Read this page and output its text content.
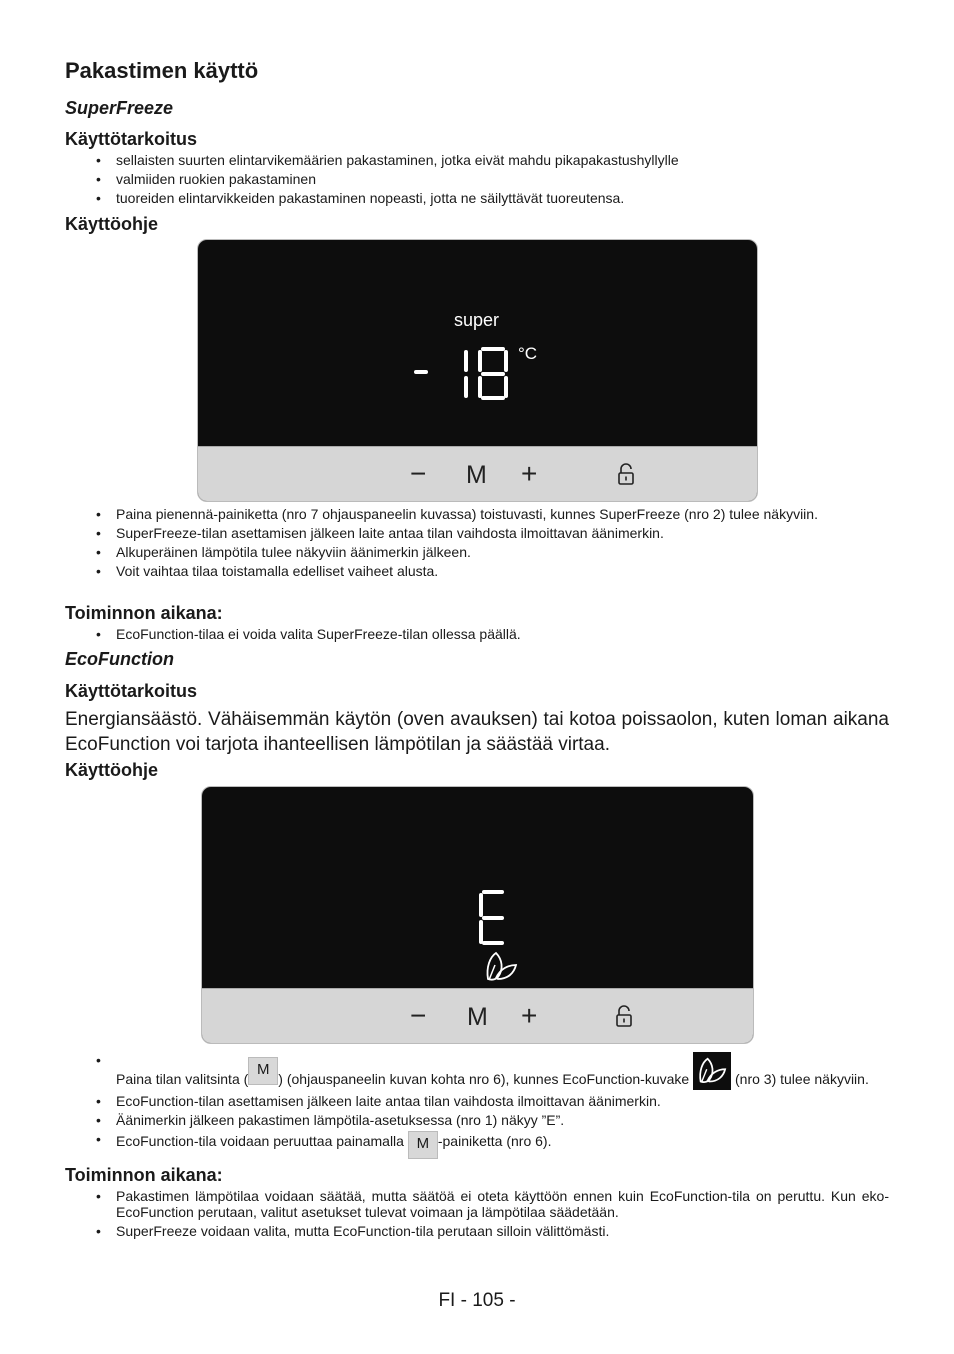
Pakastimen käyttö
SuperFreeze
Käyttötarkoitus
• sellaisten suurten elintarvikemäärien pakastaminen, jotka eivät mahdu pikapakastushyllylle
• valmiiden ruokien pakastaminen
• tuoreiden elintarvikkeiden pakastaminen nopeasti, jotta ne säilyttävät tuoreutensa.
Käyttöohje
super
°C
− M +
• Paina pienennä-painiketta (nro 7 ohjauspaneelin kuvassa) toistuvasti, kunnes SuperFreeze (nro 2) tulee näkyviin.
• SuperFreeze-tilan asettamisen jälkeen laite antaa tilan vaihdosta ilmoittavan äänimerkin.
• Alkuperäinen lämpötila tulee näkyviin äänimerkin jälkeen.
• Voit vaihtaa tilaa toistamalla edelliset vaiheet alusta.
Toiminnon aikana:
• EcoFunction-tilaa ei voida valita SuperFreeze-tilan ollessa päällä.
EcoFunction
Käyttötarkoitus

Energiansäästö. Vähäisemmän käytön (oven avauksen) tai kotoa poissaolon, kuten loman aikana EcoFunction voi tarjota ihanteellisen lämpötilan ja säästää virtaa.

Käyttöohje
− M +
• Paina tilan valitsinta (M) (ohjauspaneelin kuvan kohta nro 6), kunnes EcoFunction-kuvake	(nro 3) tulee näkyviin.
• EcoFunction-tilan asettamisen jälkeen laite antaa tilan vaihdosta ilmoittavan äänimerkin.
• Äänimerkin jälkeen pakastimen lämpötila-asetuksessa (nro 1) näkyy ”E”.
• EcoFunction-tila voidaan peruuttaa painamalla M -painiketta (nro 6).
Toiminnon aikana:
• Pakastimen lämpötilaa voidaan säätää, mutta säätöä ei oteta käyttöön ennen kuin EcoFunction-tila on peruttu. Kun eko-EcoFunction perutaan, valitut asetukset tulevat voimaan ja lämpötilaa säädetään.
• SuperFreeze voidaan valita, mutta EcoFunction-tila perutaan silloin välittömästi.
FI - 105 -
